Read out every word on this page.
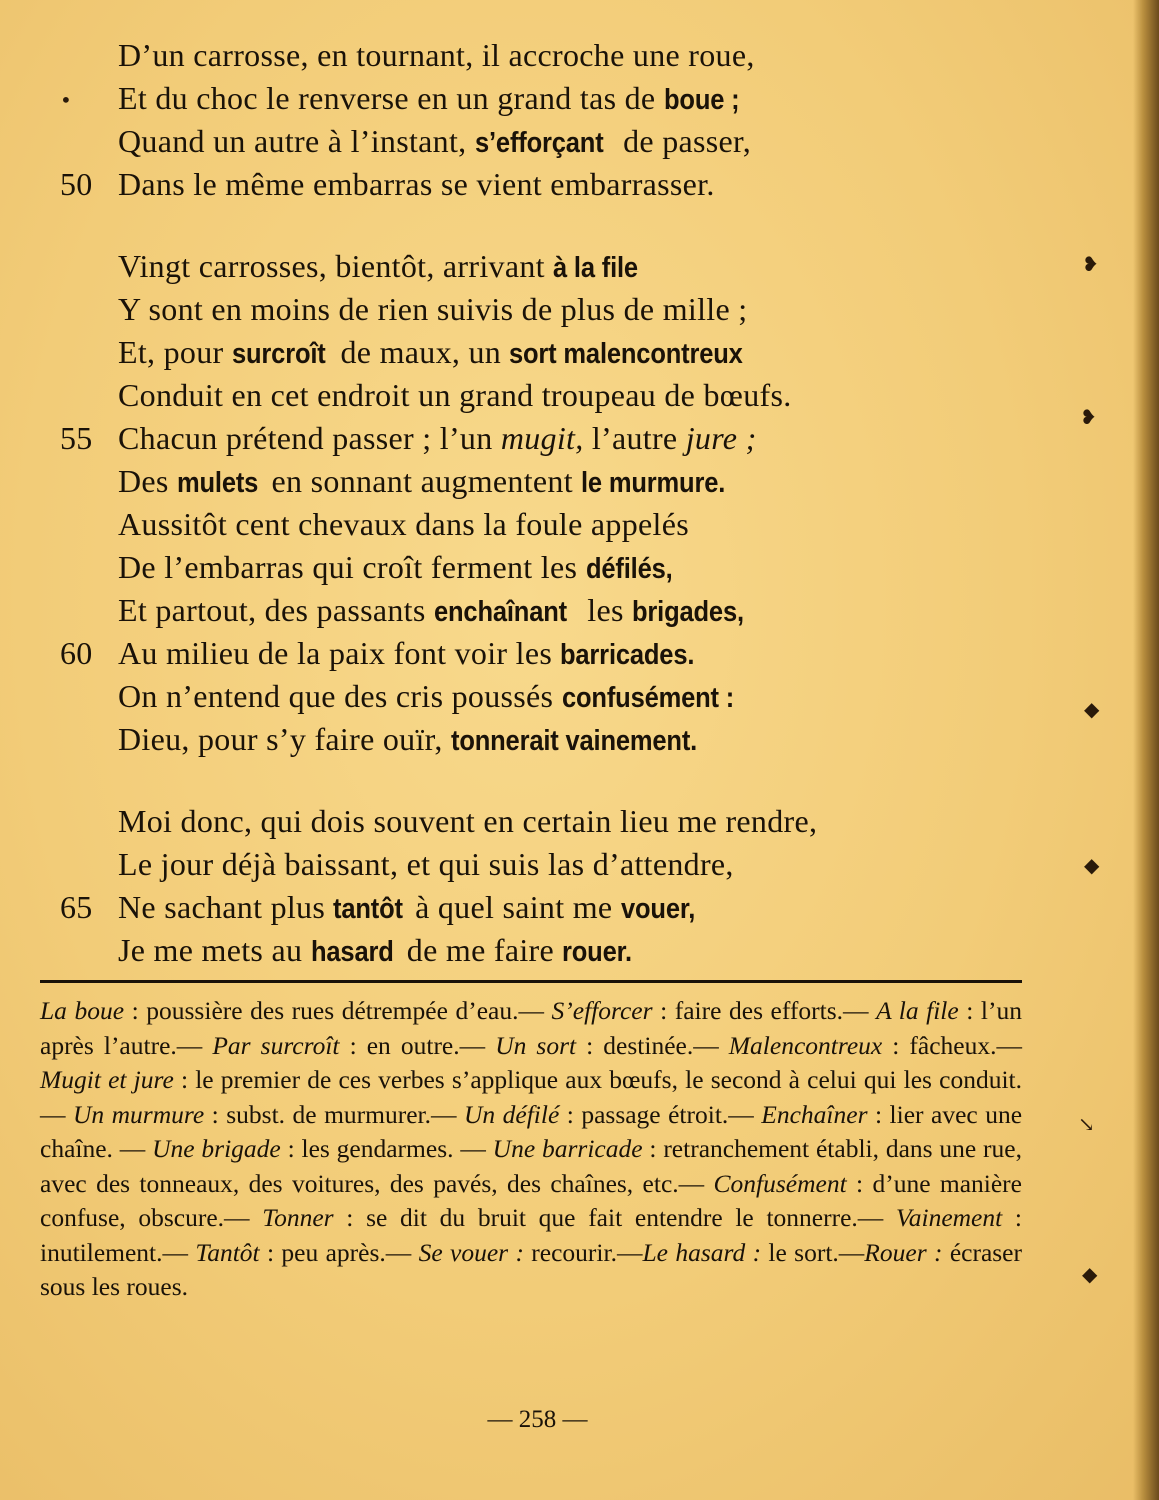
•
❥
❥
◆
◆
↘
◆
D’un carrosse, en tournant, il accroche une roue,
Et du choc le renverse en un grand tas de boue ;
Quand un autre à l’instant, s’efforçant de passer,
50 Dans le même embarras se vient embarrasser.
Vingt carrosses, bientôt, arrivant à la file
Y sont en moins de rien suivis de plus de mille ;
Et, pour surcroît de maux, un sort malencontreux
Conduit en cet endroit un grand troupeau de bœufs.
55 Chacun prétend passer ; l’un mugit, l’autre jure ;
Des mulets en sonnant augmentent le murmure.
Aussitôt cent chevaux dans la foule appelés
De l’embarras qui croît ferment les défilés,
Et partout, des passants enchaînant les brigades,
60 Au milieu de la paix font voir les barricades.
On n’entend que des cris poussés confusément :
Dieu, pour s’y faire ouïr, tonnerait vainement.
Moi donc, qui dois souvent en certain lieu me rendre,
Le jour déjà baissant, et qui suis las d’attendre,
65 Ne sachant plus tantôt à quel saint me vouer,
Je me mets au hasard de me faire rouer.
La boue : poussière des rues détrempée d’eau.— S’efforcer : faire des efforts.— A la file : l’un après l’autre.— Par surcroît : en outre.— Un sort : destinée.— Malencontreux : fâcheux.— Mugit et jure : le premier de ces verbes s’applique aux bœufs, le second à celui qui les conduit. — Un murmure : subst. de murmurer.— Un défilé : passage étroit.— Enchaîner : lier avec une chaîne. — Une brigade : les gendarmes. — Une barricade : retranchement établi, dans une rue, avec des tonneaux, des voitures, des pavés, des chaînes, etc.— Confusément : d’une manière confuse, obscure.— Tonner : se dit du bruit que fait entendre le tonnerre.— Vainement : inutilement.— Tantôt : peu après.— Se vouer : recourir.—Le hasard : le sort.—Rouer : écraser sous les roues.
— 258 —
